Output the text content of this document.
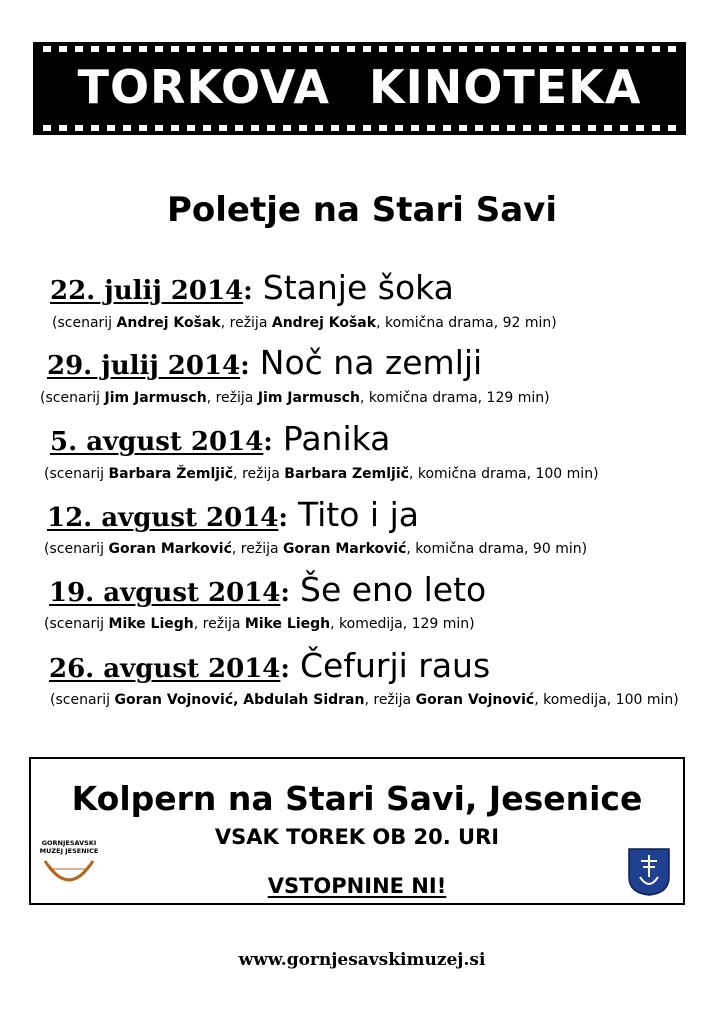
TORKOVA KINOTEKA
Poletje na Stari Savi
22. julij 2014: Stanje šoka
(scenarij Andrej Košak, režija Andrej Košak, komična drama, 92 min)
29. julij 2014: Noč na zemlji
(scenarij Jim Jarmusch, režija Jim Jarmusch, komična drama, 129 min)
5. avgust 2014: Panika
(scenarij Barbara Žemljič, režija Barbara Zemljič, komična drama, 100 min)
12. avgust 2014: Tito i ja
(scenarij Goran Marković, režija Goran Marković, komična drama, 90 min)
19. avgust 2014: Še eno leto
(scenarij Mike Liegh, režija Mike Liegh, komedija, 129 min)
26. avgust 2014: Čefurji raus
(scenarij Goran Vojnović, Abdulah Sidran, režija Goran Vojnović, komedija, 100 min)
Kolpern na Stari Savi, Jesenice
VSAK TOREK OB 20. URI
VSTOPNINE NI!
GORNJESAVSKI MUZEJ JESENICE
www.gornjesavskimuzej.si
